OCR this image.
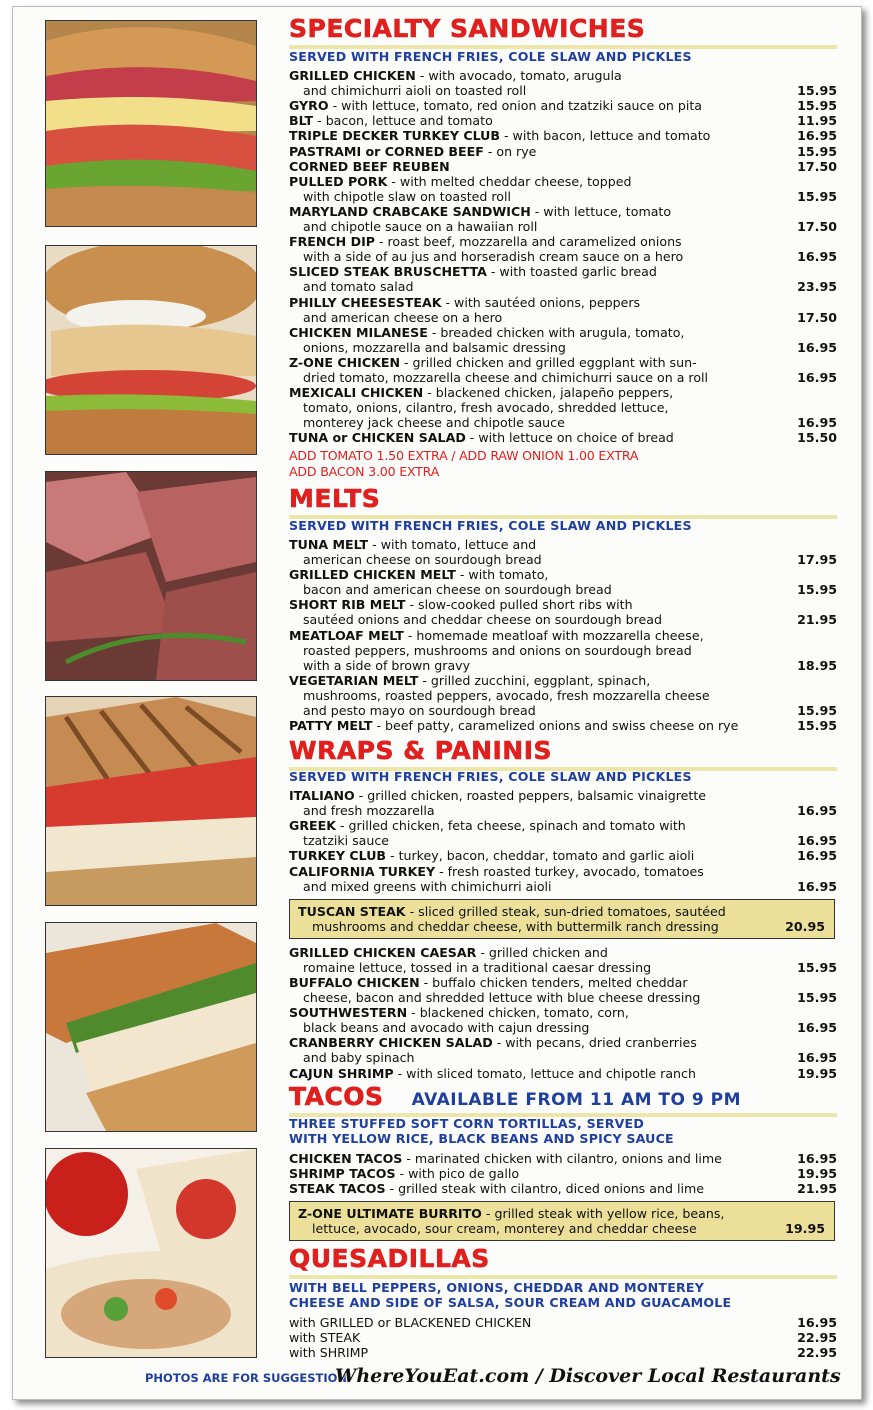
SPECIALTY SANDWICHES
SERVED WITH FRENCH FRIES, COLE SLAW AND PICKLES
GRILLED CHICKEN - with avocado, tomato, arugula
and chimichurri aioli on toasted roll	15.95
GYRO - with lettuce, tomato, red onion and tzatziki sauce on pita	15.95
BLT - bacon, lettuce and tomato	11.95
TRIPLE DECKER TURKEY CLUB - with bacon, lettuce and tomato	16.95
PASTRAMI or CORNED BEEF - on rye	15.95
CORNED BEEF REUBEN	17.50
PULLED PORK - with melted cheddar cheese, topped
with chipotle slaw on toasted roll	15.95
MARYLAND CRABCAKE SANDWICH - with lettuce, tomato
and chipotle sauce on a hawaiian roll	17.50
FRENCH DIP - roast beef, mozzarella and caramelized onions
with a side of au jus and horseradish cream sauce on a hero	16.95
SLICED STEAK BRUSCHETTA - with toasted garlic bread
and tomato salad	23.95
PHILLY CHEESESTEAK - with sautéed onions, peppers
and american cheese on a hero	17.50
CHICKEN MILANESE - breaded chicken with arugula, tomato,
onions, mozzarella and balsamic dressing	16.95
Z-ONE CHICKEN - grilled chicken and grilled eggplant with sun-
dried tomato, mozzarella cheese and chimichurri sauce on a roll	16.95
MEXICALI CHICKEN - blackened chicken, jalapeño peppers,
tomato, onions, cilantro, fresh avocado, shredded lettuce,
monterey jack cheese and chipotle sauce	16.95
TUNA or CHICKEN SALAD - with lettuce on choice of bread	15.50
ADD TOMATO 1.50 EXTRA / ADD RAW ONION 1.00 EXTRA
ADD BACON 3.00 EXTRA
MELTS
SERVED WITH FRENCH FRIES, COLE SLAW AND PICKLES
TUNA MELT - with tomato, lettuce and
american cheese on sourdough bread	17.95
GRILLED CHICKEN MELT - with tomato,
bacon and american cheese on sourdough bread	15.95
SHORT RIB MELT - slow-cooked pulled short ribs with
sautéed onions and cheddar cheese on sourdough bread	21.95
MEATLOAF MELT - homemade meatloaf with mozzarella cheese,
roasted peppers, mushrooms and onions on sourdough bread
with a side of brown gravy	18.95
VEGETARIAN MELT - grilled zucchini, eggplant, spinach,
mushrooms, roasted peppers, avocado, fresh mozzarella cheese
and pesto mayo on sourdough bread	15.95
PATTY MELT - beef patty, caramelized onions and swiss cheese on rye	15.95
WRAPS & PANINIS
SERVED WITH FRENCH FRIES, COLE SLAW AND PICKLES
ITALIANO - grilled chicken, roasted peppers, balsamic vinaigrette
and fresh mozzarella	16.95
GREEK - grilled chicken, feta cheese, spinach and tomato with
tzatziki sauce	16.95
TURKEY CLUB - turkey, bacon, cheddar, tomato and garlic aioli	16.95
CALIFORNIA TURKEY - fresh roasted turkey, avocado, tomatoes
and mixed greens with chimichurri aioli	16.95
TUSCAN STEAK - sliced grilled steak, sun-dried tomatoes, sautéed
mushrooms and cheddar cheese, with buttermilk ranch dressing	20.95
GRILLED CHICKEN CAESAR - grilled chicken and
romaine lettuce, tossed in a traditional caesar dressing	15.95
BUFFALO CHICKEN - buffalo chicken tenders, melted cheddar
cheese, bacon and shredded lettuce with blue cheese dressing	15.95
SOUTHWESTERN - blackened chicken, tomato, corn,
black beans and avocado with cajun dressing	16.95
CRANBERRY CHICKEN SALAD - with pecans, dried cranberries
and baby spinach	16.95
CAJUN SHRIMP - with sliced tomato, lettuce and chipotle ranch	19.95
TACOS AVAILABLE FROM 11 AM TO 9 PM
THREE STUFFED SOFT CORN TORTILLAS, SERVED
WITH YELLOW RICE, BLACK BEANS AND SPICY SAUCE
CHICKEN TACOS - marinated chicken with cilantro, onions and lime	16.95
SHRIMP TACOS - with pico de gallo	19.95
STEAK TACOS - grilled steak with cilantro, diced onions and lime	21.95
Z-ONE ULTIMATE BURRITO - grilled steak with yellow rice, beans,
lettuce, avocado, sour cream, monterey and cheddar cheese	19.95
QUESADILLAS
WITH BELL PEPPERS, ONIONS, CHEDDAR AND MONTEREY
CHEESE AND SIDE OF SALSA, SOUR CREAM AND GUACAMOLE
with GRILLED or BLACKENED CHICKEN	16.95
with STEAK	22.95
with SHRIMP	22.95
PHOTOS ARE FOR SUGGESTION
WhereYouEat.com / Discover Local Restaurants
